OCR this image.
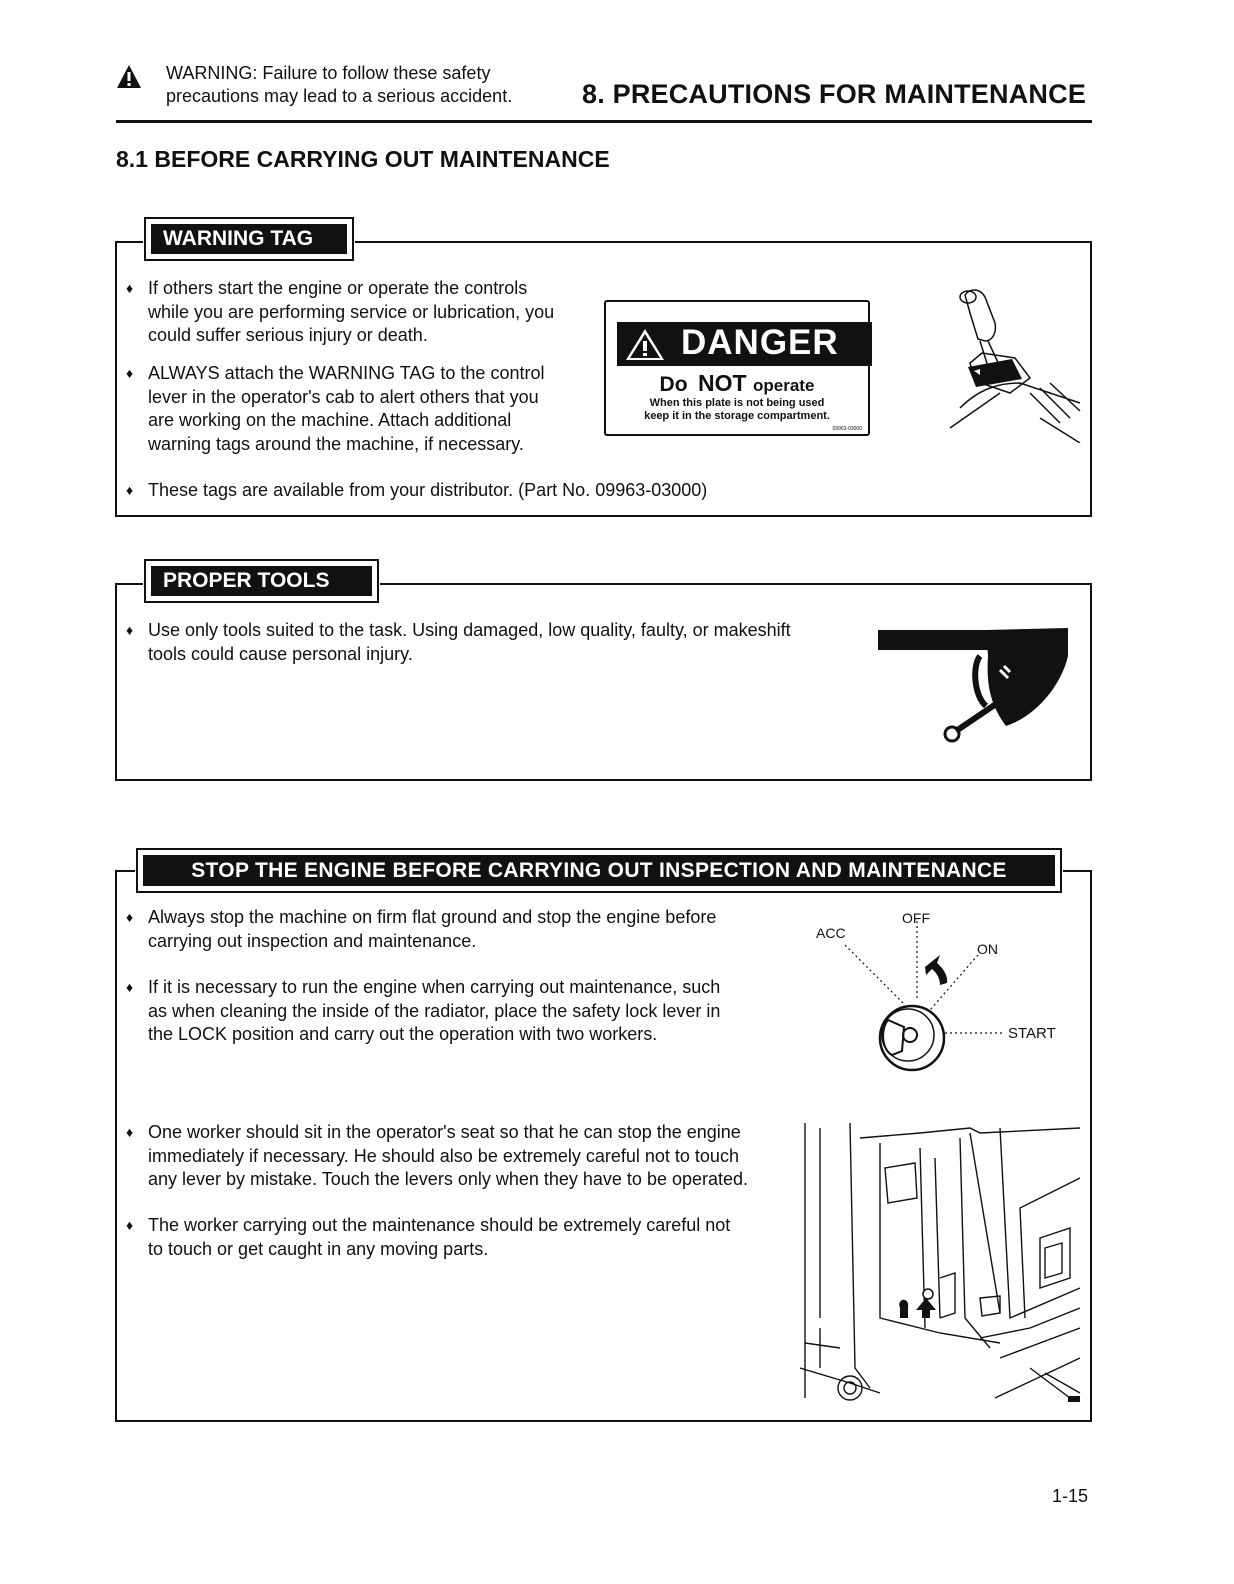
WARNING: Failure to follow these safety
precautions may lead to a serious accident.	8. PRECAUTIONS FOR MAINTENANCE
8.1 BEFORE CARRYING OUT MAINTENANCE
WARNING TAG
♦ If others start the engine or operate the controls
while you are performing service or lubrication, you
could suffer serious injury or death.
♦ ALWAYS attach the WARNING TAG to the control
lever in the operator's cab to alert others that you
are working on the machine. Attach additional
warning tags around the machine, if necessary.
♦ These tags are available from your distributor. (Part No. 09963-03000)
DANGER
Do NOT operate
When this plate is not being used
keep it in the storage compartment.
09963-03000
PROPER TOOLS
♦ Use only tools suited to the task. Using damaged, low quality, faulty, or makeshift
tools could cause personal injury.
STOP THE ENGINE BEFORE CARRYING OUT INSPECTION AND MAINTENANCE
♦ Always stop the machine on firm flat ground and stop the engine before
carrying out inspection and maintenance.
♦ If it is necessary to run the engine when carrying out maintenance, such
as when cleaning the inside of the radiator, place the safety lock lever in
the LOCK position and carry out the operation with two workers.
♦ One worker should sit in the operator's seat so that he can stop the engine
immediately if necessary. He should also be extremely careful not to touch
any lever by mistake. Touch the levers only when they have to be operated.
♦ The worker carrying out the maintenance should be extremely careful not
to touch or get caught in any moving parts.
OFF
ACC
ON
START
1-15
